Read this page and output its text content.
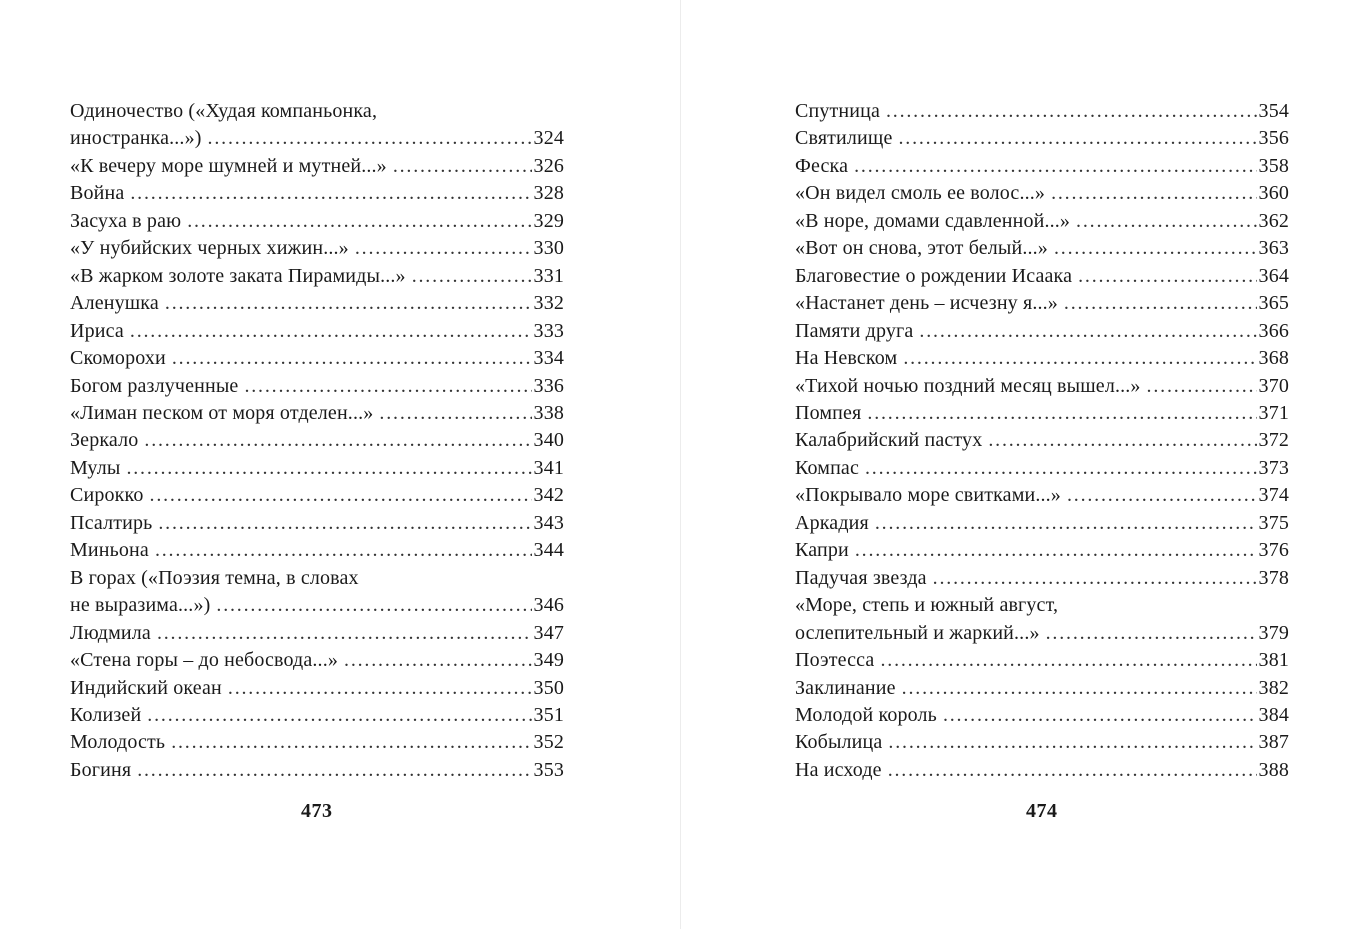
Одиночество («Худая компаньонка,
иностранка...») . . .	324
«К вечеру море шумней и мутней...» . . .	326
Война . . .	328
Засуха в раю . . .	329
«У нубийских черных хижин...» . . .	330
«В жарком золоте заката Пирамиды...» . . .	331
Аленушка . . .	332
Ириса . . .	333
Скоморохи . . .	334
Богом разлученные . . .	336
«Лиман песком от моря отделен...» . . .	338
Зеркало . . .	340
Мулы . . .	341
Сирокко . . .	342
Псалтирь . . .	343
Миньона . . .	344
В горах («Поэзия темна, в словах
не выразима...») . . .	346
Людмила . . .	347
«Стена горы – до небосвода...» . . .	349
Индийский океан . . .	350
Колизей . . .	351
Молодость . . .	352
Богиня . . .	353
473
Спутница . . .	354
Святилище . . .	356
Феска . . .	358
«Он видел смоль ее волос...» . . .	360
«В норе, домами сдавленной...» . . .	362
«Вот он снова, этот белый...» . . .	363
Благовестие о рождении Исаака . . .	364
«Настанет день – исчезну я...» . . .	365
Памяти друга . . .	366
На Невском . . .	368
«Тихой ночью поздний месяц вышел...» . . .	370
Помпея . . .	371
Калабрийский пастух . . .	372
Компас . . .	373
«Покрывало море свитками...» . . .	374
Аркадия . . .	375
Капри . . .	376
Падучая звезда . . .	378
«Море, степь и южный август,
ослепительный и жаркий...» . . .	379
Поэтесса . . .	381
Заклинание . . .	382
Молодой король . . .	384
Кобылица . . .	387
На исходе . . .	388
474
